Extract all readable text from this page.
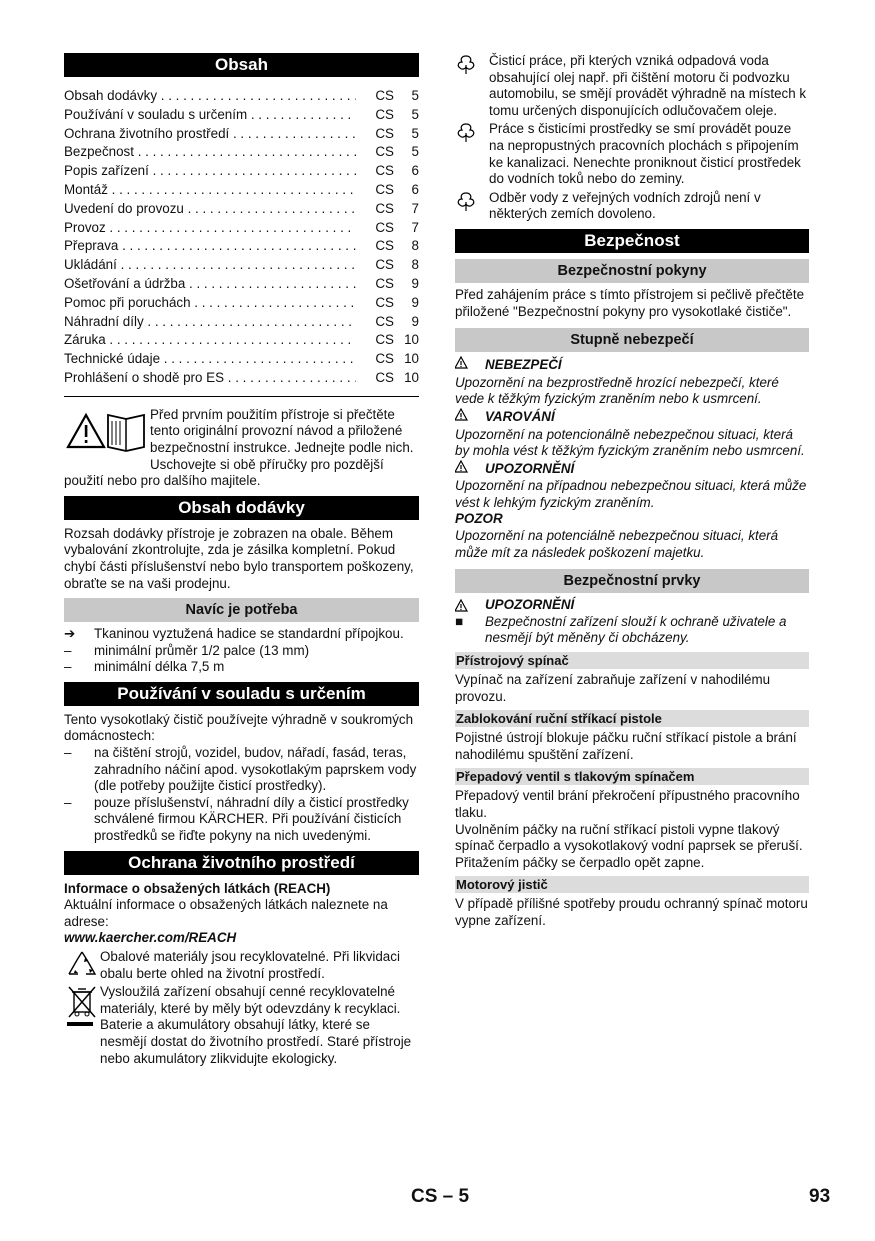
Obsah
Obsah dodávky . . .	CS	5
Používání v souladu s určením . . .	CS	5
Ochrana životního prostředí . . .	CS	5
Bezpečnost . . .	CS	5
Popis zařízení . . .	CS	6
Montáž . . .	CS	6
Uvedení do provozu . . .	CS	7
Provoz . . .	CS	7
Přeprava . . .	CS	8
Ukládání . . .	CS	8
Ošetřování a údržba . . .	CS	9
Pomoc při poruchách . . .	CS	9
Náhradní díly . . .	CS	9
Záruka . . .	CS 10
Technické údaje . . .	CS 10
Prohlášení o shodě pro ES . . .	CS 10

Před prvním použitím přístroje si přečtěte tento originální provozní návod a přiložené bezpečnostní instrukce. Jednejte podle nich. Uschovejte si obě příručky pro pozdější použití nebo pro dalšího majitele.

Obsah dodávky

Rozsah dodávky přístroje je zobrazen na obale. Během vybalování zkontrolujte, zda je zásilka kompletní. Pokud chybí části příslušenství nebo bylo transportem poškozeny, obraťte se na vaši prodejnu.

Navíc je potřeba
➔	Tkaninou vyztužená hadice se standardní přípojkou.
–	minimální průměr 1/2 palce (13 mm)
–	minimální délka 7,5 m
Používání v souladu s určením

Tento vysokotlaký čistič používejte výhradně v soukromých domácnostech:

–	na čištění strojů, vozidel, budov, nářadí, fasád, teras, zahradního náčiní apod. vysokotlakým paprskem vody (dle potřeby použijte čisticí prostředky).
–	pouze příslušenství, náhradní díly a čisticí prostředky schválené firmou KÄRCHER. Při používání čisticích prostředků se řiďte pokyny na nich uvedenými.
Ochrana životního prostředí

Informace o obsažených látkách (REACH)

Aktuální informace o obsažených látkách naleznete na adrese:

www.kaercher.com/REACH

Obalové materiály jsou recyklovatelné. Při likvidaci obalu berte ohled na životní prostředí.
Vysloužilá zařízení obsahují cenné recyklovatelné materiály, které by měly být odevzdány k recyklaci. Baterie a akumulátory obsahují látky, které se nesmějí dostat do životního prostředí. Staré přístroje nebo akumulátory zlikvidujte ekologicky.
Čisticí práce, při kterých vzniká odpadová voda obsahující olej např. při čištění motoru či podvozku automobilu, se smějí provádět výhradně na místech k tomu určených disponujících odlučovačem oleje.
Práce s čisticími prostředky se smí provádět pouze na nepropustných pracovních plochách s připojením ke kanalizaci. Nenechte proniknout čisticí prostředek do vodních toků nebo do zeminy.
Odběr vody z veřejných vodních zdrojů není v některých zemích dovoleno.
Bezpečnost
Bezpečnostní pokyny

Před zahájením práce s tímto přístrojem si pečlivě přečtěte přiložené "Bezpečnostní pokyny pro vysokotlaké čističe".

Stupně nebezpečí
NEBEZPEČÍ

Upozornění na bezprostředně hrozící nebezpečí, které vede k těžkým fyzickým zraněním nebo k usmrcení.

VAROVÁNÍ

Upozornění na potencionálně nebezpečnou situaci, která by mohla vést k těžkým fyzickým zraněním nebo usmrcení.

UPOZORNĚNÍ

Upozornění na případnou nebezpečnou situaci, která může vést k lehkým fyzickým zraněním.

POZOR

Upozornění na potenciálně nebezpečnou situaci, která může mít za následek poškození majetku.

Bezpečnostní prvky
UPOZORNĚNÍ
■	Bezpečnostní zařízení slouží k ochraně uživatele a nesmějí být měněny či obcházeny.
Přístrojový spínač

Vypínač na zařízení zabraňuje zařízení v nahodilému provozu.

Zablokování ruční stříkací pistole

Pojistné ústrojí blokuje páčku ruční stříkací pistole a brání nahodilému spuštění zařízení.

Přepadový ventil s tlakovým spínačem

Přepadový ventil brání překročení přípustného pracovního tlaku.
Uvolněním páčky na ruční stříkací pistoli vypne tlakový spínač čerpadlo a vysokotlakový vodní paprsek se přeruší. Přitažením páčky se čerpadlo opět zapne.

Motorový jistič

V případě přílišné spotřeby proudu ochranný spínač motoru vypne zařízení.

CS – 5	93
